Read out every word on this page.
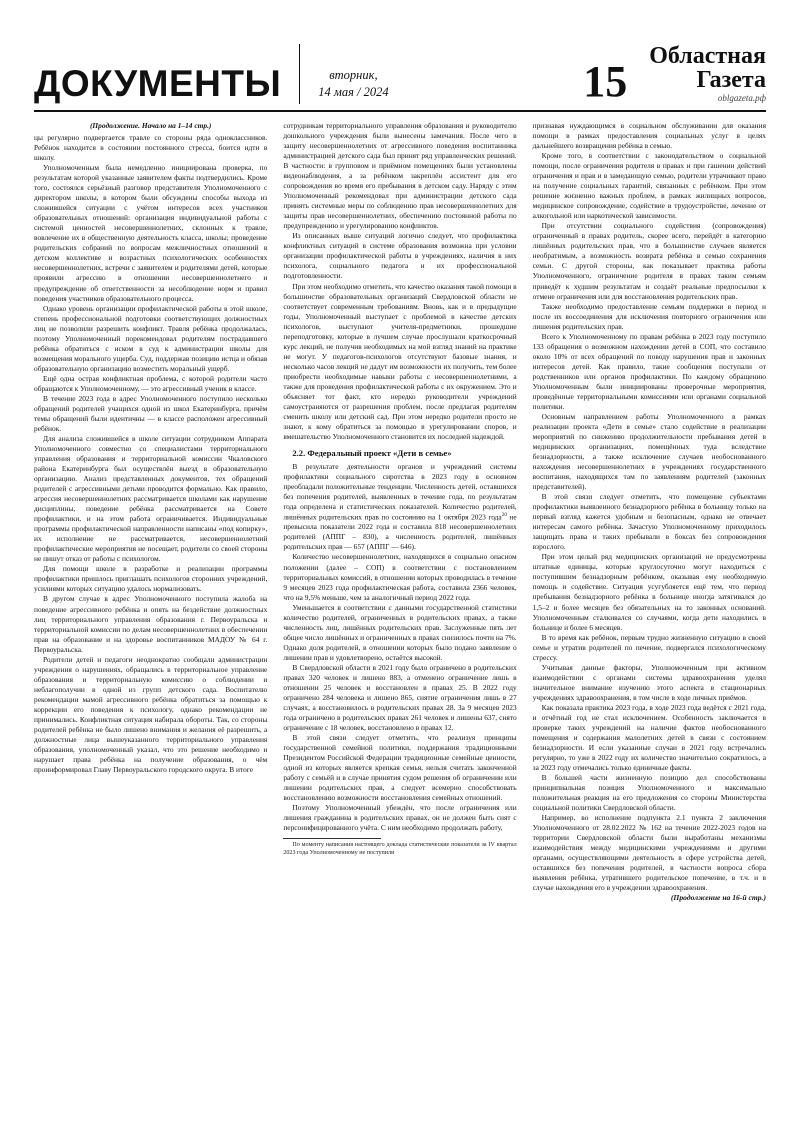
ДОКУМЕНТЫ	вторник,
14 мая / 2024	15
Областная
Газета
oblgazeta.рф

(Продолжение. Начало на 1–14 стр.)

цы регулярно подвергается травле со стороны ряда одноклассников. Ребёнок находится в состоянии постоянного стресса, боится идти в школу.

Уполномоченным была немедленно инициирована проверка, по результатам которой указанные заявителем факты подтвердились. Кроме того, состоялся серьёзный разговор представителя Уполномоченного с директором школы, в котором были обсуждены способы выхода из сложившейся ситуации с учётом интересов всех участников образовательных отношений: организация индивидуальной работы с системой ценностей несовершеннолетних, склонных к травле, вовлечение их в общественную деятельность класса, школы; проведение родительских собраний по вопросам межличностных отношений в детском коллективе и возрастных психологических особенностях несовершеннолетних, встречи с заявителем и родителями детей, которые проявили агрессию в отношении несовершеннолетнего и предупреждение об ответственности за несоблюдение норм и правил поведения участников образовательного процесса.

Однако уровень организации профилактической работы в этой школе, степень профессиональной подготовки соответствующих должностных лиц не позволили разрешить конфликт. Травля ребёнка продолжалась, поэтому Уполномоченный порекомендовал родителям пострадавшего ребёнка обратиться с иском в суд к администрации школы для возмещения морального ущерба. Суд, поддержав позицию истца и обязав образовательную организацию возместить моральный ущерб.

Ещё одна острая конфликтная проблема, с которой родители часто обращаются к Уполномоченному, — это агрессивный ученик в классе.

В течение 2023 года в адрес Уполномоченного поступило несколько обращений родителей учащихся одной из школ Екатеринбурга, причём темы обращений были идентичны — в классе расположен агрессивный ребёнок.

Для анализа сложившейся в школе ситуации сотрудником Аппарата Уполномоченного совместно со специалистами территориального управления образования и территориальной комиссии Чкаловского района Екатеринбурга был осуществлён выезд в образовательную организацию. Анализ представленных документов, тех обращений родителей с агрессивными детьми проводится формально. Как правило, агрессия несовершеннолетних рассматривается школами как нарушение дисциплины, поведение ребёнка рассматривается на Совете профилактики, и на этом работа ограничивается. Индивидуальные программы профилактической направленности написаны «под копирку», их исполнение не рассматривается, несовершеннолетний профилактические мероприятия не посещает, родители со своей стороны не пишут отказ от работы с психологом.

Для помощи школе в разработке и реализации программы профилактики пришлось приглашать психологов сторонних учреждений, усилиями которых ситуацию удалось нормализовать.

В другом случае в адрес Уполномоченного поступила жалоба на поведение агрессивного ребёнка и опять на бездействие должностных лиц территориального управления образования г. Первоуральска и территориальной комиссии по делам несовершеннолетних в обеспечении прав на образование и на здоровье воспитанников МАДОУ № 64 г. Первоуральска.

Родители детей и педагоги неоднократно сообщали администрации учреждения о нарушениях, обращались в территориальное управление образования и территориальную комиссию о соблюдении и неблагополучии в одной из групп детского сада. Воспитателю рекомендации мамой агрессивного ребёнка обратиться за помощью к коррекции его поведения к психологу, однако рекомендации не принимались. Конфликтная ситуация набирала обороты. Так, со стороны родителей ребёнка не было лишено внимания и желания её разрешить, а должностные лица вышеуказанного территориального управления образования, уполномоченный указал, что это решение необходимо и нарушает права ребёнка на получение образования, о чём проинформировал Главу Первоуральского городского округа. В итоге

сотрудникам территориального управления образования и руководителю дошкольного учреждения были вынесены замечания. После чего в защиту несовершеннолетних от агрессивного поведения воспитанника администрацией детского сада был принят ряд управленческих решений. В частности: в групповом и приёмном помещениях были установлены видеонаблюдения, а за ребёнком закреплён ассистент для его сопровождения во время его пребывания в детском саду. Наряду с этим Уполномоченный рекомендовал при администрации детского сада принять системные меры по соблюдению прав несовершеннолетних для защиты прав несовершеннолетних, обеспечению постоянной работы по предупреждению и урегулированию конфликтов.

Из описанных выше ситуаций логично следует, что профилактика конфликтных ситуаций в системе образования возможна при условии организации профилактической работы в учреждениях, наличия в них психолога, социального педагога и их профессиональной подготовленности.

При этом необходимо отметить, что качество оказания такой помощи в большинстве образовательных организаций Свердловской области не соответствует современным требованиям. Вновь, как и в предыдущие годы, Уполномоченный выступает с проблемой в качестве детских психологов, выступают учителя-предметники, прошедшие переподготовку, которые в лучшем случае прослушали краткосрочный курс лекций, не получив необходимых на мой взгляд знаний на практике не могут. У педагогов-психологов отсутствуют базовые знания, и несколько часов лекций не дадут им возможности их получить, тем более приобрести необходимые навыки работы с несовершеннолетними, а также для проведения профилактической работы с их окружением. Это и объясняет тот факт, кто нередко руководители учреждений самоустраняются от разрешения проблем, после предлагая родителям сменить школу или детский сад. При этом нередко родители просто не знают, к кому обратиться за помощью в урегулировании споров, и вмешательство Уполномоченного становится их последней надеждой.

2.2. Федеральный проект «Дети в семье»

В результате деятельности органов и учреждений системы профилактики социального сиротства в 2023 году в основном преобладали положительные тенденции. Численность детей, оставшихся без попечения родителей, выявленных в течение года, по результатам года определена и статистических показателей. Количество родителей, лишённых родительских прав по состоянию на 1 октября 2023 года$^{20}$ не превысила показатели 2022 года и составила 818 несовершеннолетних родителей (АППГ – 830), а численность родителей, лишённых родительских прав — 657 (АППГ — 646).

Количество несовершеннолетних, находящихся в социально опасном положении (далее – СОП) в соответствии с постановлением территориальных комиссий, в отношении которых проводилась в течение 9 месяцев 2023 года профилактическая работа, составила 2366 человек, что на 9,5% меньше, чем за аналогичный период 2022 года.

Уменьшается в соответствии с данными государственной статистики количество родителей, ограниченных в родительских правах, а также численность лиц, лишённых родительских прав. Заслуженные пять лет общее число лишённых и ограниченных в правах снизилось почти на 7%. Однако доля родителей, в отношении которых было подано заявление о лишении прав и удовлетворено, остаётся высокой.

В Свердловской области в 2021 году было ограничено в родительских правах 320 человек и лишено 883, а отменено ограничение лишь в отношении 25 человек и восстановлен в правах 25. В 2022 году ограничено 284 человека и лишено 865, снятие ограничения лишь в 27 случаях, а восстановилось в родительских правах 28. За 9 месяцев 2023 года ограничено в родительских правах 261 человек и лишены 637, снято ограничение с 18 человек, восстановлено в правах 12.

В этой связи следует отметить, что реализуя принципы государственной семейной политики, поддержания традиционными Президентом Российской Федерации традиционные семейные ценности, одной из которых является крепкая семья, нельзя считать законченной работу с семьёй и в случае принятия судом решения об ограничении или лишении родительских прав, а следует всемерно способствовать восстановлению возможности восстановления семейных отношений.

Поэтому Уполномоченный убеждён, что после ограничения или лишения гражданина в родительских правах, он не должен быть снят с персонифицированного учёта. С ним необходимо продолжать работу,

По моменту написания настоящего доклада статистические показатели за IV квартал 2023 года Уполномоченному не поступили

признавая нуждающимся в социальном обслуживании для оказания помощи в рамках предоставления социальных услуг в целях дальнейшего возвращения ребёнка в семью.

Кроме того, в соответствии с законодательством о социальной помощи, после ограничения родителя в правах и при гашении действий ограничения и прав и в замедающую семью, родители утрачивают право на получение социальных гарантий, связанных с ребёнком. При этом решение жизненно важных проблем, в рамках жилищных вопросов, медицинское сопровождение, содействие в трудоустройстве, лечение от алкогольной или наркотической зависимости.

При отсутствии социального содействия (сопровождения) ограниченный в правах родитель, скорее всего, перейдёт в категорию лишённых родительских прав, что в большинстве случаев является необратимым, а возможность возврата ребёнка в семью сохранения семьи. С другой стороны, как показывает практика работы Уполномоченного, ограничение родителя в правах таким семьям приведёт к худшим результатам и создаёт реальные предпосылки к отмене ограничения или для восстановления родительских прав.

Также необходимо предоставление семьям поддержки в период и после их воссоединения для исключения повторного ограничения или лишения родительских прав.

Всего к Уполномоченному по правам ребёнка в 2023 году поступило 133 обращения о возможном нахождении детей в СОП, что составило около 10% от всех обращений по поводу нарушения прав и законных интересов детей. Как правило, такие сообщения поступали от родственников или органов профилактики. По каждому обращению Уполномоченным были инициированы проверочные мероприятия, проведённые территориальными комиссиями или органами социальной политики.

Основным направлением работы Уполномоченного в рамках реализации проекта «Дети в семье» стало содействие в реализации мероприятий по снижению продолжительности пребывания детей в медицинских организациях, помещённых туда вследствие безнадзорности, а также исключение случаев необоснованного нахождения несовершеннолетних в учреждениях государственного воспитания, находящихся там по заявлениям родителей (законных представителей).

В этой связи следует отметить, что помещение субъектами профилактики выявленного безнадзорного ребёнка в больницу только на первый взгляд кажется удобным и безопасным, однако не отвечает интересам самого ребёнка. Зачастую Уполномоченному приходилось защищать права и таких пребывали в боксах без сопровождения взрослого.

При этом целый ряд медицинских организаций не предусмотрены штатные единицы, которые круглосуточно могут находиться с поступившим безнадзорным ребёнком, оказывая ему необходимую помощь и содействие. Ситуация усугубляется ещё тем, что период пребывания безнадзорного ребёнка в больнице иногда затягивался до 1,5–2 и более месяцев без обязательных на то законных оснований. Уполномоченным сталкивался со случаями, когда дети находились в больнице и более 6 месяцев.

В то время как ребёнок, первым трудно жизненную ситуацию в своей семье и утратив родителей по печение, подвергался психологическому стрессу.

Учитывая данные факторы, Уполномоченным при активном взаимодействии с органами системы здравоохранения уделял значительное внимание изучению этого аспекта в стационарных учреждениях здравоохранения, в том числе в ходе личных приёмов.

Как показала практика 2023 года, в ходе 2023 года ведётся с 2021 года, и отчётный год не стал исключением. Особенность заключается в проверке таких учреждений на наличие фактов необоснованного помещения и содержания малолетних детей в связи с состоянием безнадзорности. И если указанные случаи в 2021 году встречались регулярно, то уже в 2022 году их количество значительно сократилось, а за 2023 году отмечались только единичные факты.

В большей части жизненную позицию дел способствованы принципиальная позиция Уполномоченного и максимально положительная реакция на его предложения со стороны Министерства социальной политики Свердловской области.

Например, во исполнение подпункта 2.1 пункта 2 заключения Уполномоченного от 28.02.2022 № 162 на течение 2022-2023 годов на территории Свердловской области были выработаны механизмы взаимодействия между медицинскими учреждениями и другими органами, осуществляющими деятельность в сфере устройства детей, оставшихся без попечения родителей, в частности вопроса сбора выявления ребёнка, утратившего родительское попечение, в т.ч. и в случае нахождения его в учреждении здравоохранения.

(Продолжение на 16-й стр.)
